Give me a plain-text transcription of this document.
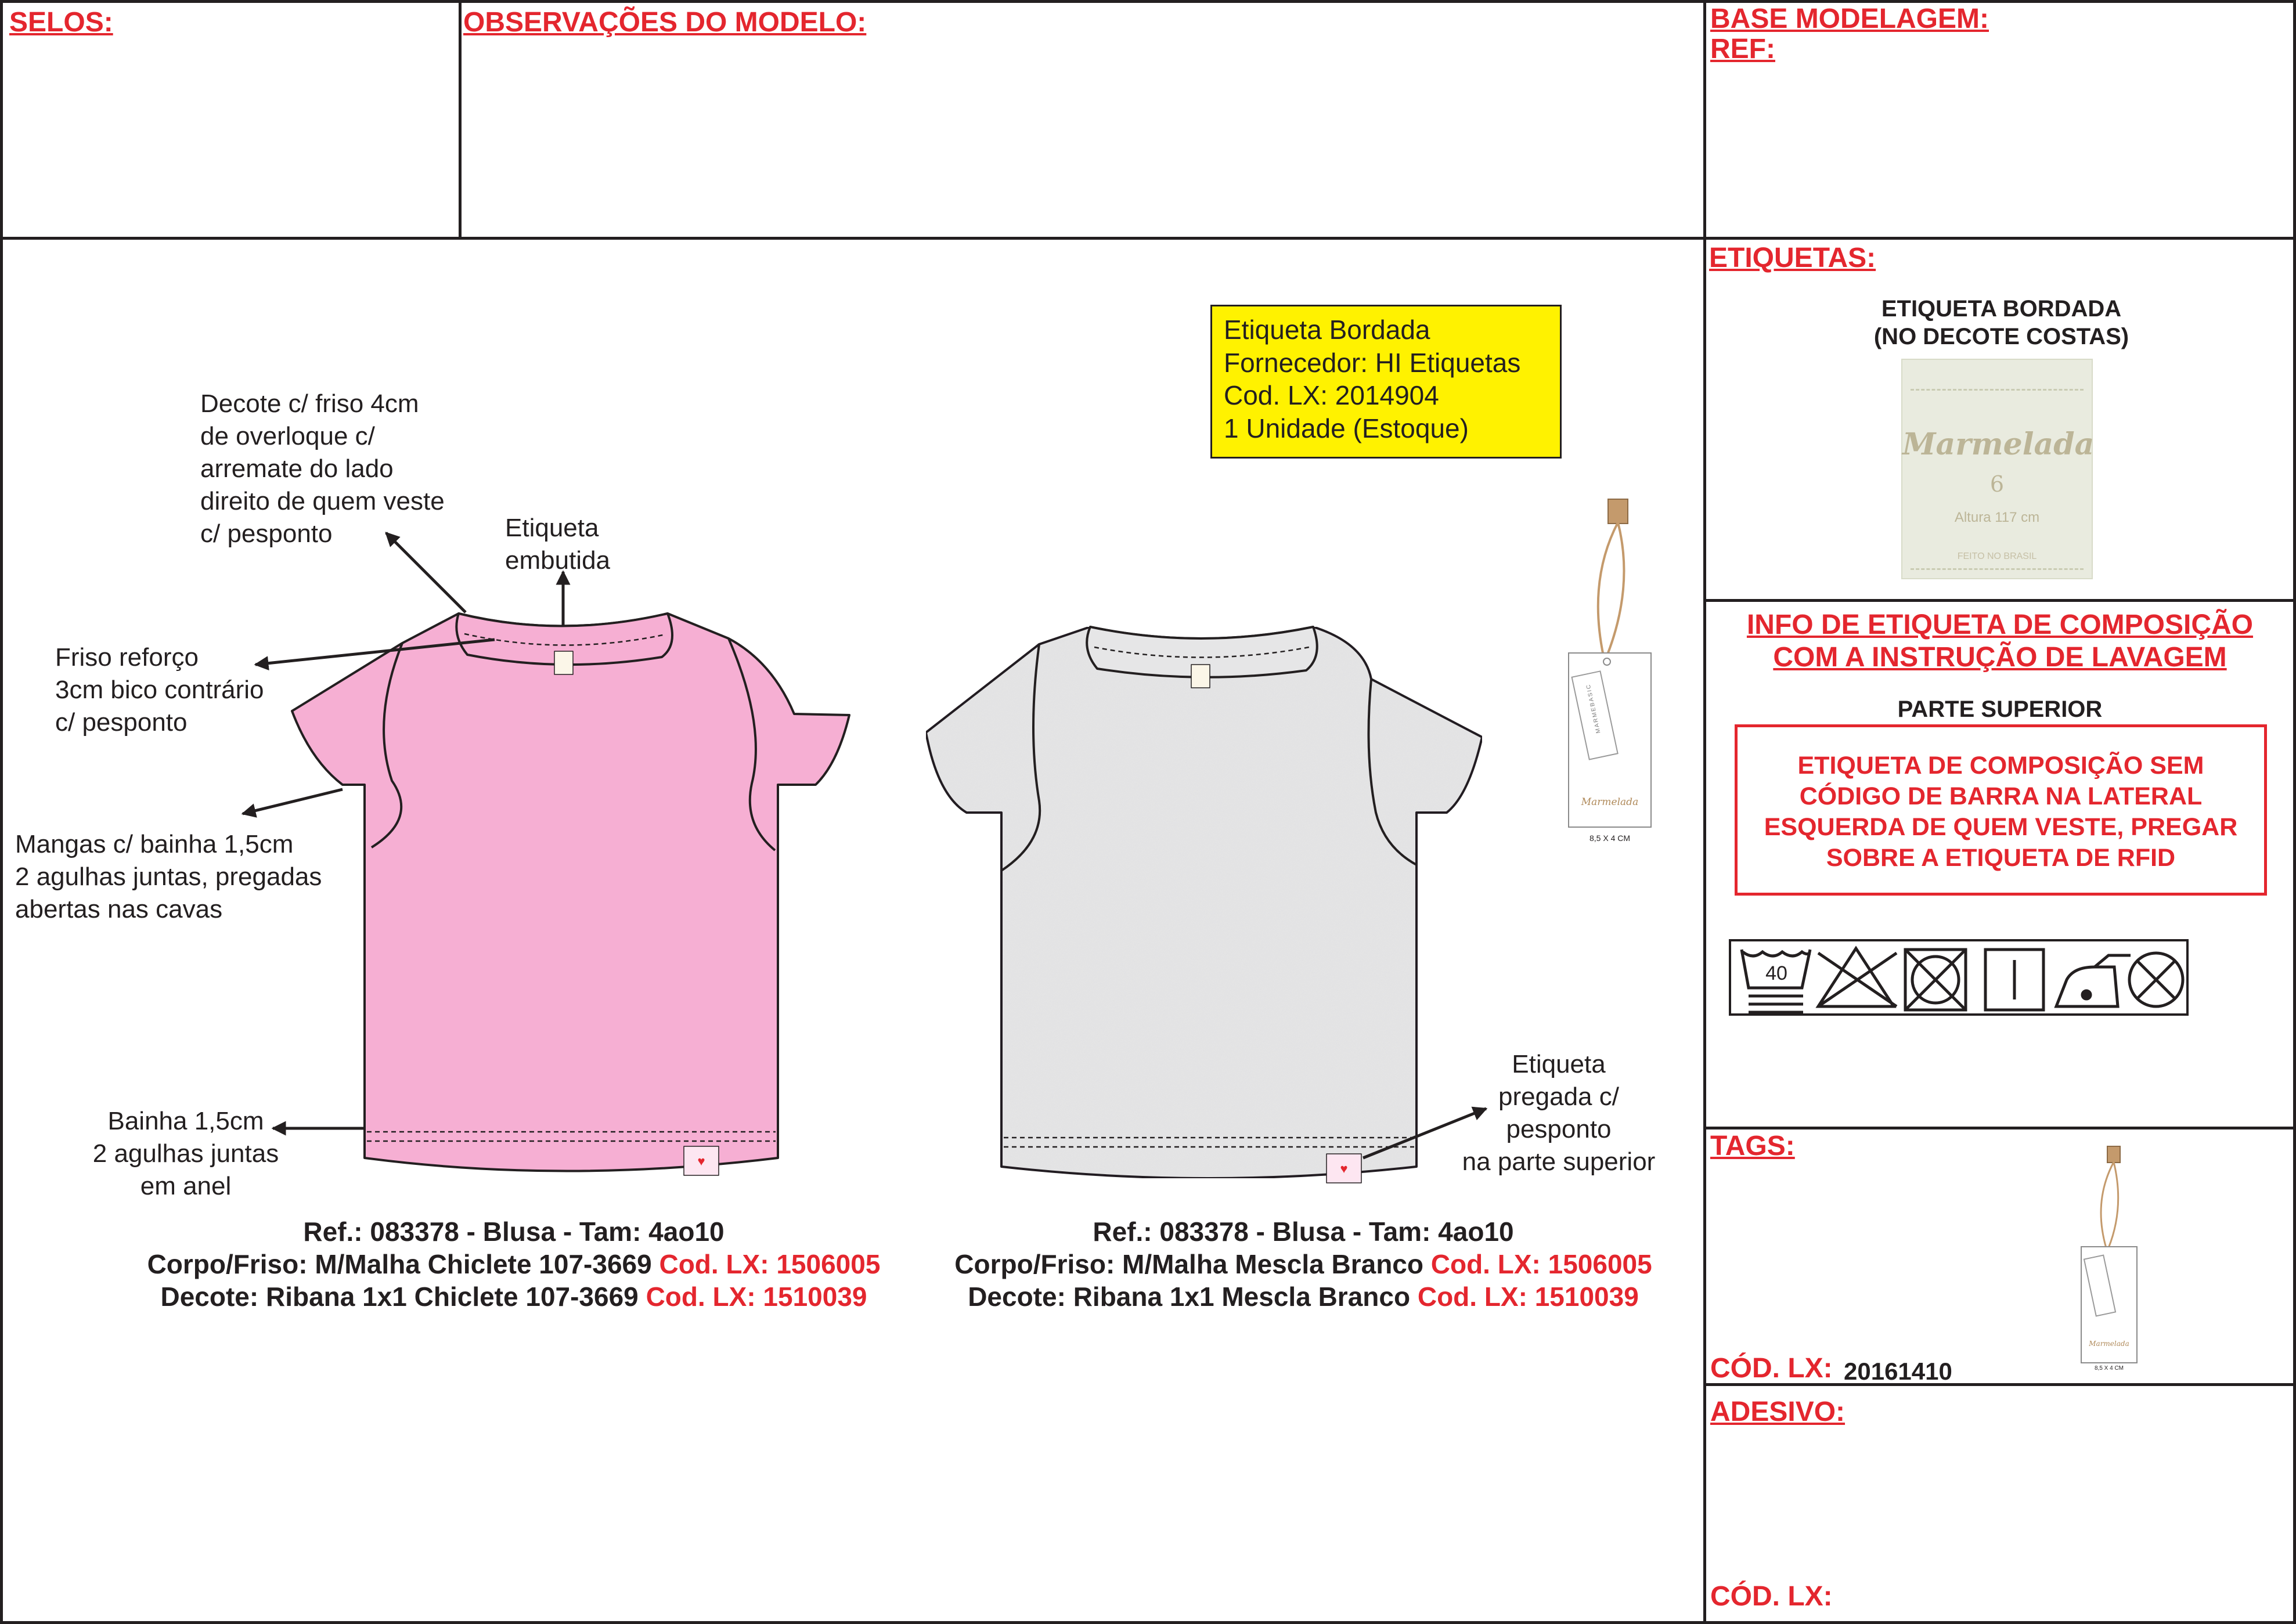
SELOS:	OBSERVAÇÕES DO MODELO:	BASE MODELAGEM:
REF:
ETIQUETAS:
ETIQUETA BORDADA
(NO DECOTE COSTAS)
Marmelada
6
Altura 117 cm
FEITO NO BRASIL
INFO DE ETIQUETA DE COMPOSIÇÃO
COM A INSTRUÇÃO DE LAVAGEM
PARTE SUPERIOR
ETIQUETA DE COMPOSIÇÃO SEM
CÓDIGO DE BARRA NA LATERAL
ESQUERDA DE QUEM VESTE, PREGAR
SOBRE A ETIQUETA DE RFID
40
TAGS:
CÓD. LX: 20161410
ADESIVO:
CÓD. LX:
Etiqueta Bordada
Fornecedor: HI Etiquetas
Cod. LX: 2014904
1 Unidade (Estoque)
♥
♥
Marmelada
MARMEBASIC
8,5 X 4 CM
Marmelada
8,5 X 4 CM
Decote c/ friso 4cm
de overloque c/
arremate do lado
direito de quem veste
c/ pesponto	Etiqueta
embutida
Friso reforço
3cm bico contrário
c/ pesponto
Mangas c/ bainha 1,5cm
2 agulhas juntas, pregadas
abertas nas cavas
Bainha 1,5cm
2 agulhas juntas
em anel
Etiqueta
pregada c/
pesponto
na parte superior
Ref.: 083378 - Blusa - Tam: 4ao10
Corpo/Friso: M/Malha Chiclete 107-3669 Cod. LX: 1506005
Decote: Ribana 1x1 Chiclete 107-3669 Cod. LX: 1510039
Ref.: 083378 - Blusa - Tam: 4ao10
Corpo/Friso: M/Malha Mescla Branco Cod. LX: 1506005
Decote: Ribana 1x1 Mescla Branco Cod. LX: 1510039
